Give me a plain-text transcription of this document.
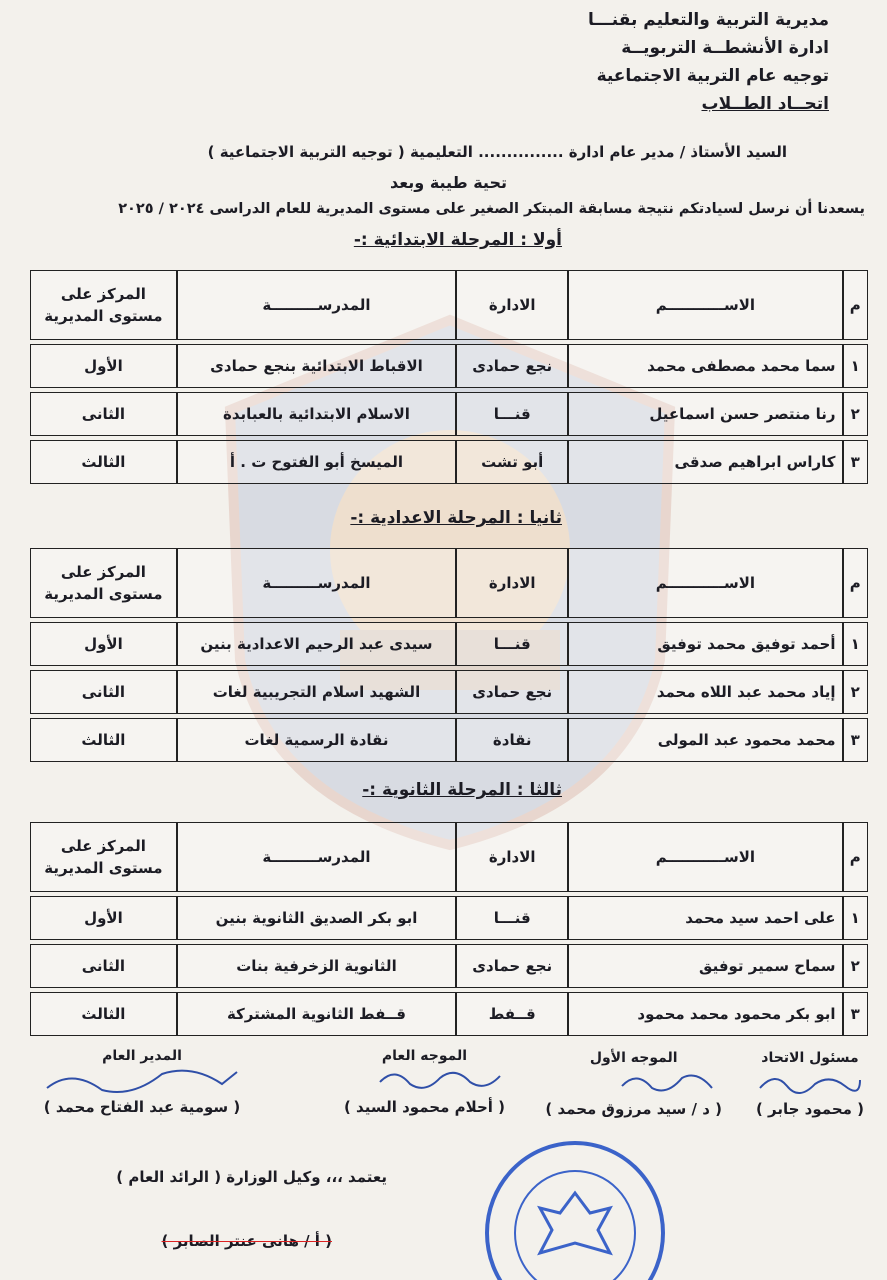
مديرية التربية والتعليم بقنـــا
ادارة الأنشطــة التربويــة
توجيه عام التربية الاجتماعية
اتحــاد الطــلاب
السيد الأستاذ / مدير عام ادارة ............... التعليمية ( توجيه التربية الاجتماعية )
تحية طيبة وبعد
يسعدنا أن نرسل لسيادتكم نتيجة مسابقة المبتكر الصغير على مستوى المديرية للعام الدراسى ٢٠٢٤ / ٢٠٢٥
أولا : المرحلة الابتدائية :-
م	الاســـــــــــم	الادارة	المدرســـــــــة	المركز على
مستوى المديرية

١	سما محمد مصطفى محمد	نجع حمادى	الاقباط الابتدائية بنجع حمادى	الأول
٢	رنا منتصر حسن اسماعيل	قنـــا	الاسلام الابتدائية بالعبابدة	الثانى
٣	كاراس ابراهيم صدقى	أبو تشت	الميسخ أبو الفتوح ت . أ	الثالث
ثانيا : المرحلة الاعدادية :-
م	الاســـــــــــم	الادارة	المدرســـــــــة	المركز على
مستوى المديرية

١	أحمد توفيق محمد توفيق	قنـــا	سيدى عبد الرحيم الاعدادية بنين	الأول
٢	إياد محمد عبد اللاه محمد	نجع حمادى	الشهيد اسلام التجريبية لغات	الثانى
٣	محمد محمود عبد المولى	نقادة	نقادة الرسمية لغات	الثالث
ثالثا : المرحلة الثانوية :-
م	الاســـــــــــم	الادارة	المدرســـــــــة	المركز على
مستوى المديرية

١	على احمد سيد محمد	قنـــا	ابو بكر الصديق الثانوية بنين	الأول
٢	سماح سمير توفيق	نجع حمادى	الثانوية الزخرفية بنات	الثانى
٣	ابو بكر محمود محمد محمود	قــفط	قــفط الثانوية المشتركة	الثالث
مسئول الاتحاد
( محمود جابر )
الموجه الأول
( د / سيد مرزوق محمد )
الموجه العام
( أحلام محمود السيد )
المدير العام
( سومية عبد الفتاح محمد )
يعتمد ،،، وكيل الوزارة ( الرائد العام )
( أ / هانى عنتر الصابر )
